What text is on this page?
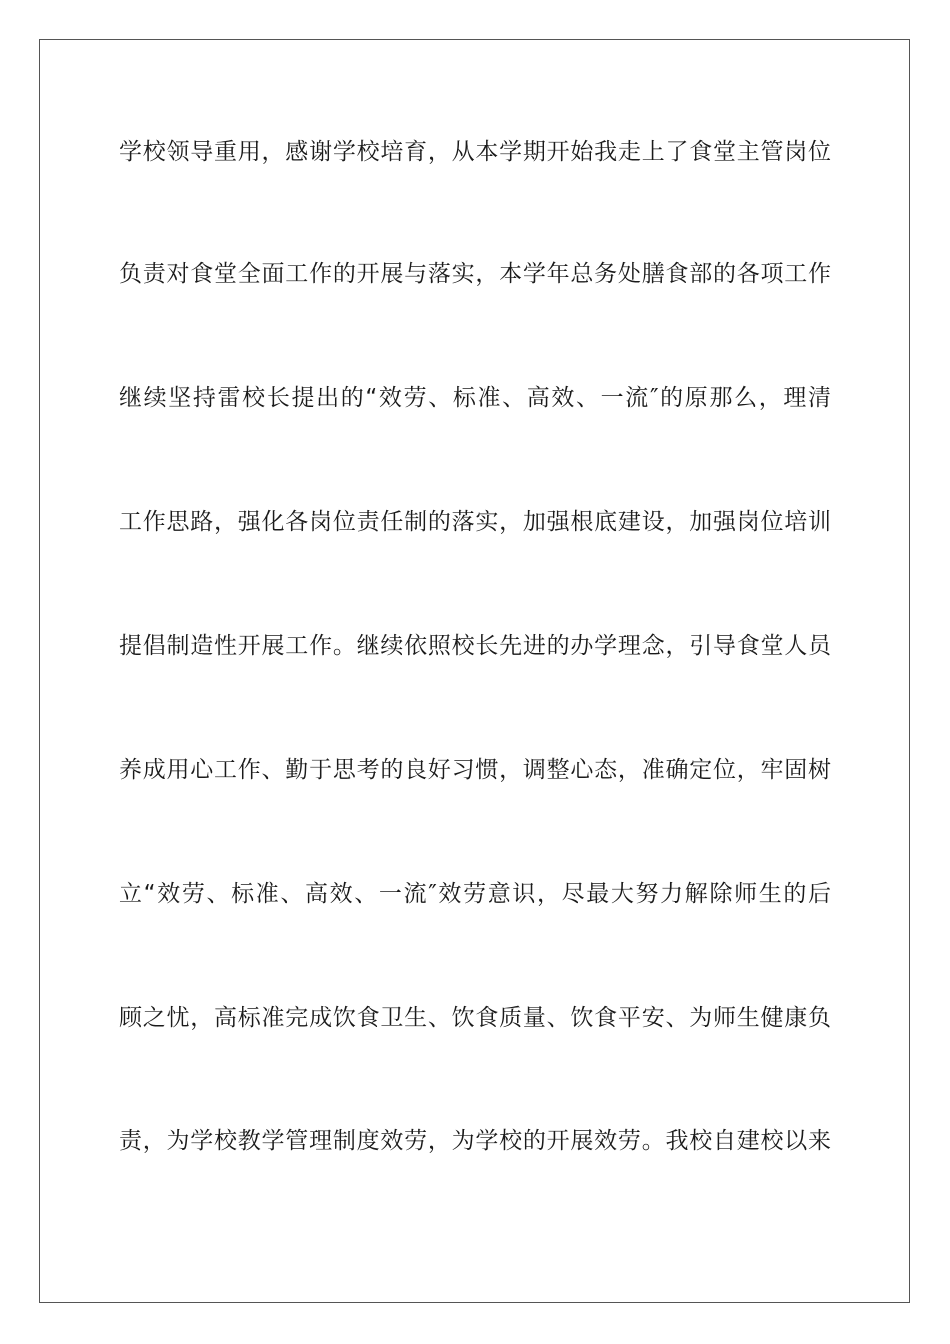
学校领导重用，感谢学校培育，从本学期开始我走上了食堂主管岗位
负责对食堂全面工作的开展与落实，本学年总务处膳食部的各项工作
继续坚持雷校长提出的“效劳、标准、高效、一流″的原那么，理清
工作思路，强化各岗位责任制的落实，加强根底建设，加强岗位培训
提倡制造性开展工作。继续依照校长先进的办学理念，引导食堂人员
养成用心工作、勤于思考的良好习惯，调整心态，准确定位，牢固树
立“效劳、标准、高效、一流″效劳意识，尽最大努力解除师生的后
顾之忧，高标准完成饮食卫生、饮食质量、饮食平安、为师生健康负
责，为学校教学管理制度效劳，为学校的开展效劳。我校自建校以来
